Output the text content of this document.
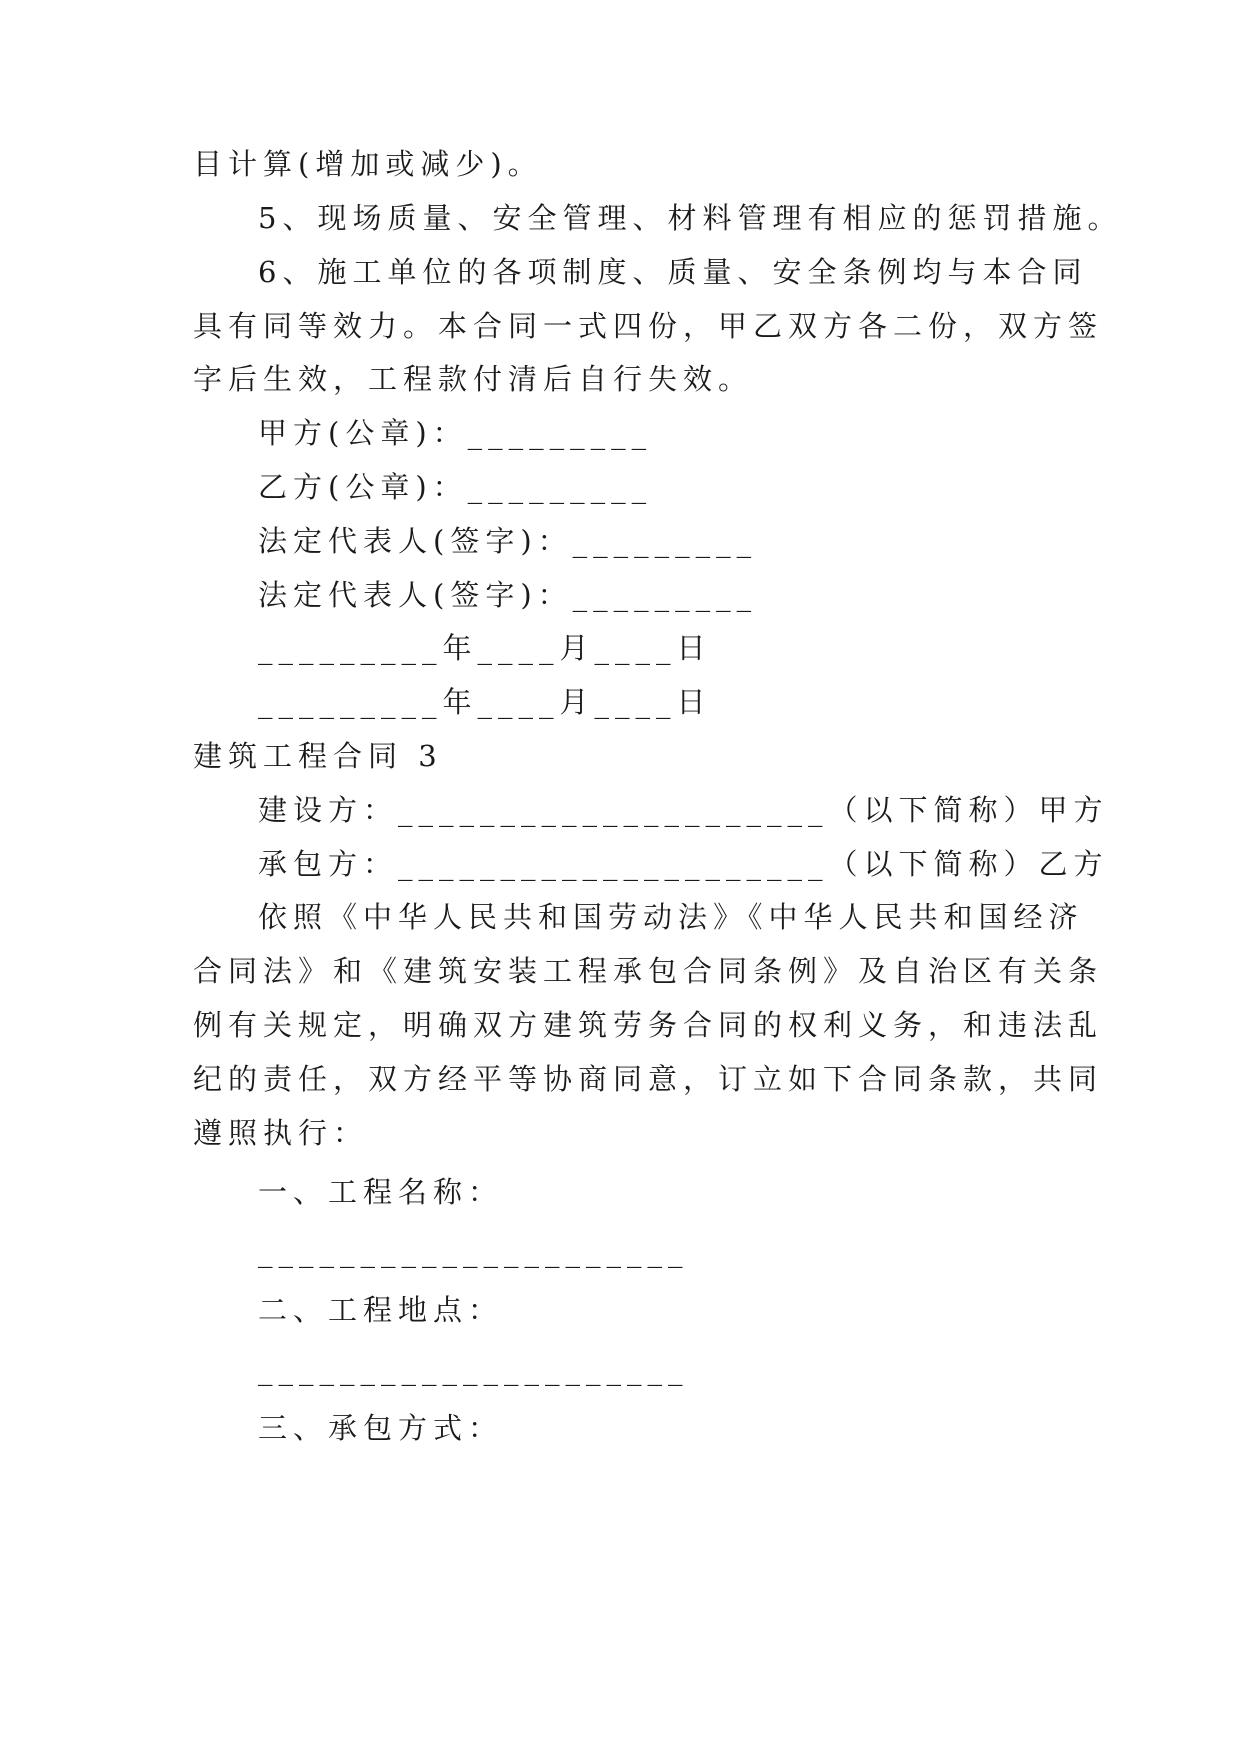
目计算(增加或减少)。
5、现场质量、安全管理、材料管理有相应的惩罚措施。
6、施工单位的各项制度、质量、安全条例均与本合同
具有同等效力。本合同一式四份，甲乙双方各二份，双方签
字后生效，工程款付清后自行失效。
甲方(公章)：_________
乙方(公章)：_________
法定代表人(签字)：_________
法定代表人(签字)：_________
_________年____月____日
_________年____月____日
建筑工程合同 3
建设方：_____________________（以下简称）甲方
承包方：_____________________（以下简称）乙方
依照《中华人民共和国劳动法》《中华人民共和国经济
合同法》和《建筑安装工程承包合同条例》及自治区有关条
例有关规定，明确双方建筑劳务合同的权利义务，和违法乱
纪的责任，双方经平等协商同意，订立如下合同条款，共同
遵照执行：
一、工程名称：
_____________________
二、工程地点：
_____________________
三、承包方式：
